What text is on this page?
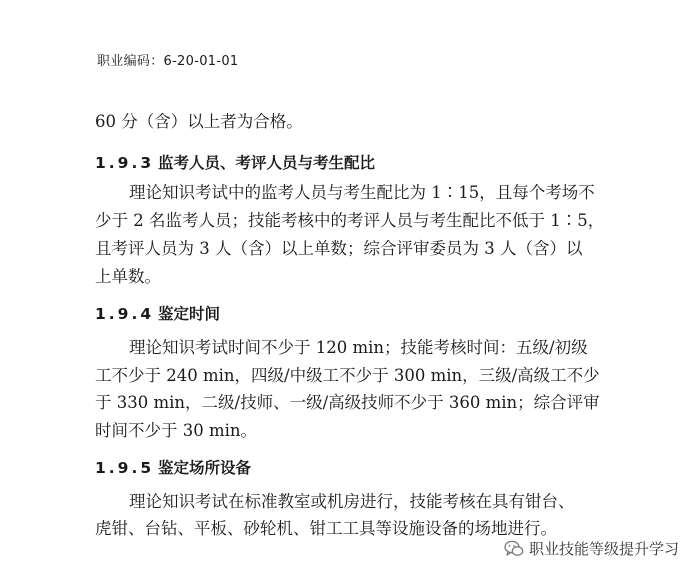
职业编码：6-20-01-01

60 分（含）以上者为合格。

1.9.3 监考人员、考评人员与考生配比

理论知识考试中的监考人员与考生配比为 1∶15，且每个考场不

少于 2 名监考人员；技能考核中的考评人员与考生配比不低于 1∶5，

且考评人员为 3 人（含）以上单数；综合评审委员为 3 人（含）以

上单数。

1.9.4 鉴定时间

理论知识考试时间不少于 120 min；技能考核时间：五级/初级

工不少于 240 min，四级/中级工不少于 300 min，三级/高级工不少

于 330 min，二级/技师、一级/高级技师不少于 360 min；综合评审

时间不少于 30 min。

1.9.5 鉴定场所设备

理论知识考试在标准教室或机房进行，技能考核在具有钳台、

虎钳、台钻、平板、砂轮机、钳工工具等设施设备的场地进行。

职业技能等级提升学习
